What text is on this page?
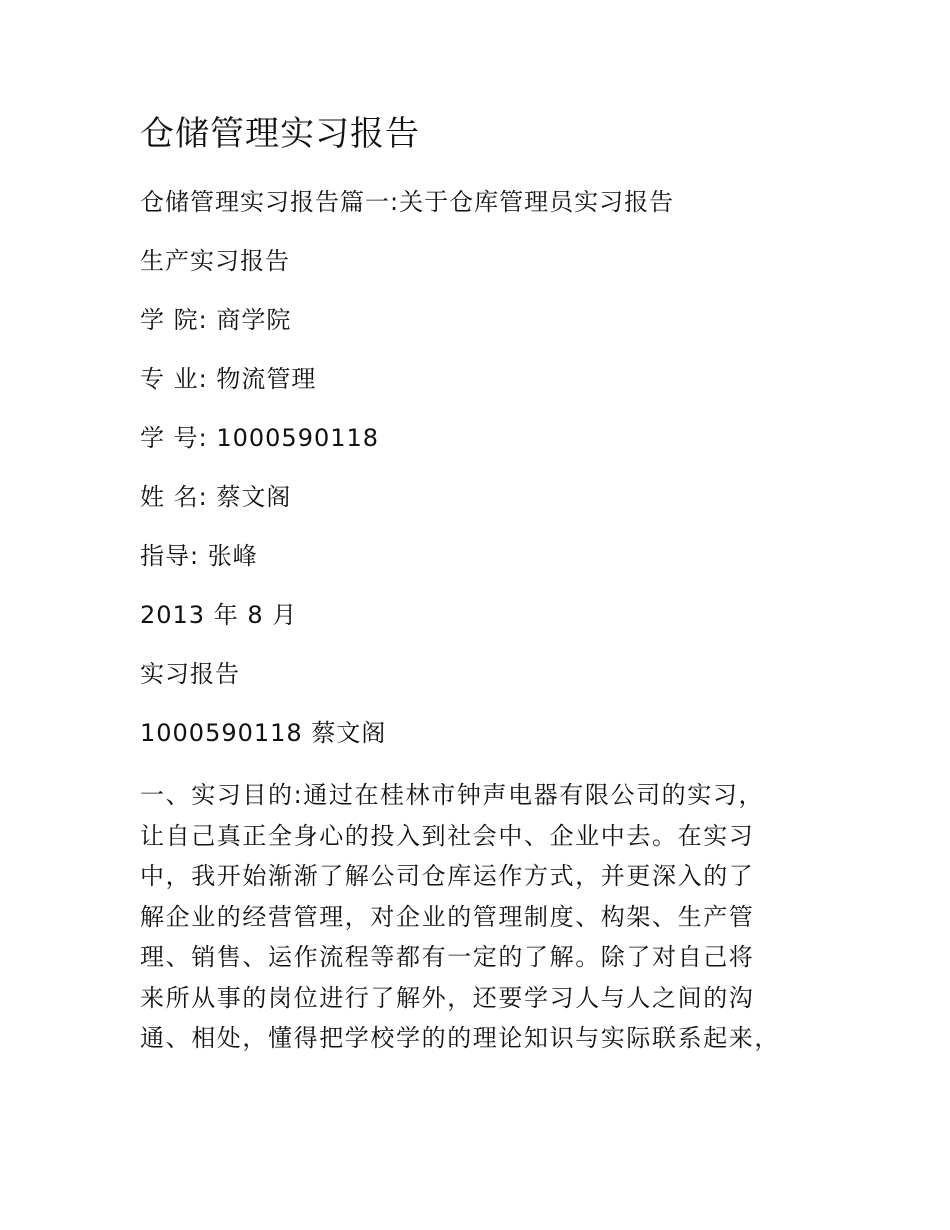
仓储管理实习报告
仓储管理实习报告篇一:关于仓库管理员实习报告
生产实习报告
学 院: 商学院
专 业: 物流管理
学 号: 1000590118
姓 名: 蔡文阁
指导: 张峰
2013 年 8 月
实习报告
1000590118 蔡文阁
一、实习目的:通过在桂林市钟声电器有限公司的实习，
让自己真正全身心的投入到社会中、企业中去。在实习
中，我开始渐渐了解公司仓库运作方式，并更深入的了
解企业的经营管理，对企业的管理制度、构架、生产管
理、销售、运作流程等都有一定的了解。除了对自己将
来所从事的岗位进行了解外，还要学习人与人之间的沟
通、相处，懂得把学校学的的理论知识与实际联系起来，
